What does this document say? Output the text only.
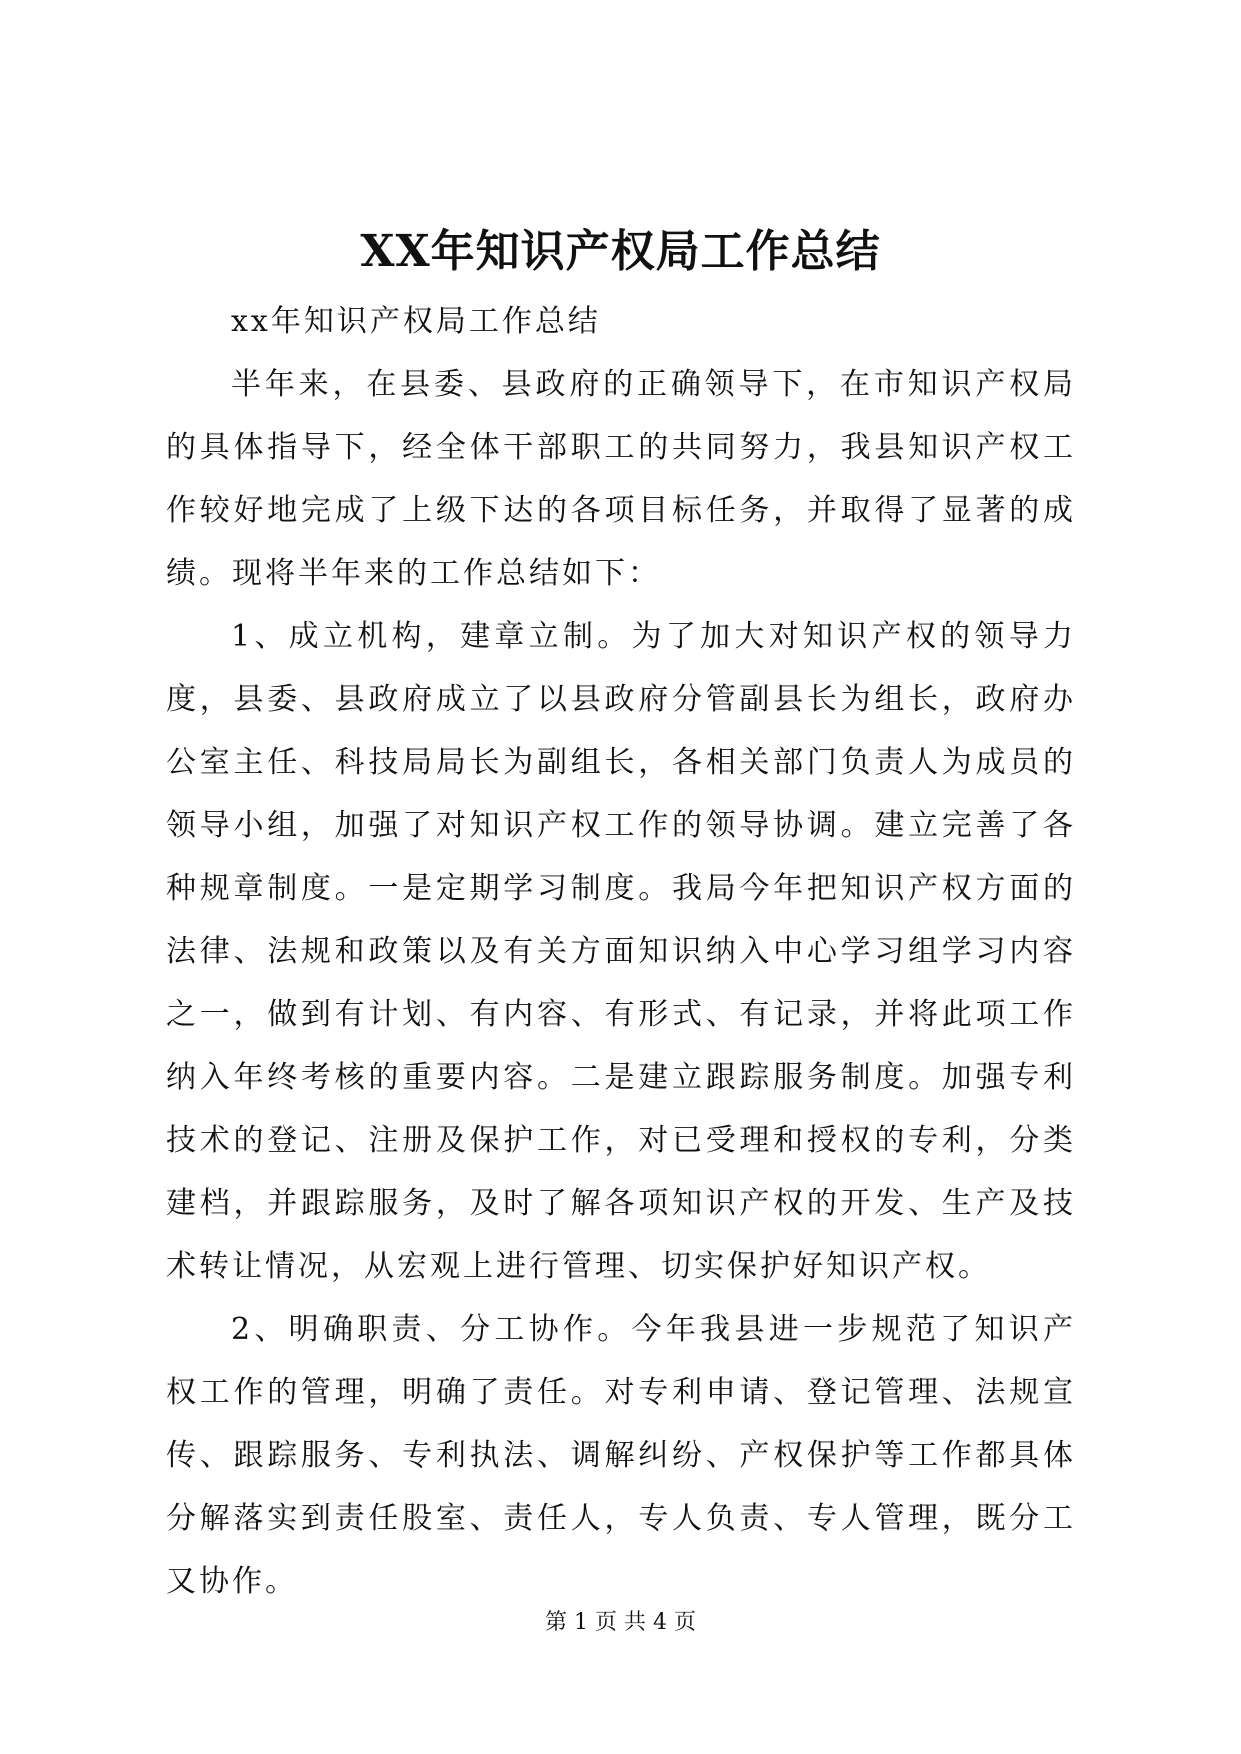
XX年知识产权局工作总结

xx年知识产权局工作总结

半年来，在县委、县政府的正确领导下，在市知识产权局的具体指导下，经全体干部职工的共同努力，我县知识产权工作较好地完成了上级下达的各项目标任务，并取得了显著的成绩。现将半年来的工作总结如下：

1、成立机构，建章立制。为了加大对知识产权的领导力度，县委、县政府成立了以县政府分管副县长为组长，政府办公室主任、科技局局长为副组长，各相关部门负责人为成员的领导小组，加强了对知识产权工作的领导协调。建立完善了各种规章制度。一是定期学习制度。我局今年把知识产权方面的法律、法规和政策以及有关方面知识纳入中心学习组学习内容之一，做到有计划、有内容、有形式、有记录，并将此项工作纳入年终考核的重要内容。二是建立跟踪服务制度。加强专利技术的登记、注册及保护工作，对已受理和授权的专利，分类建档，并跟踪服务，及时了解各项知识产权的开发、生产及技术转让情况，从宏观上进行管理、切实保护好知识产权。

2、明确职责、分工协作。今年我县进一步规范了知识产权工作的管理，明确了责任。对专利申请、登记管理、法规宣传、跟踪服务、专利执法、调解纠纷、产权保护等工作都具体分解落实到责任股室、责任人，专人负责、专人管理，既分工又协作。

第 1 页 共 4 页
